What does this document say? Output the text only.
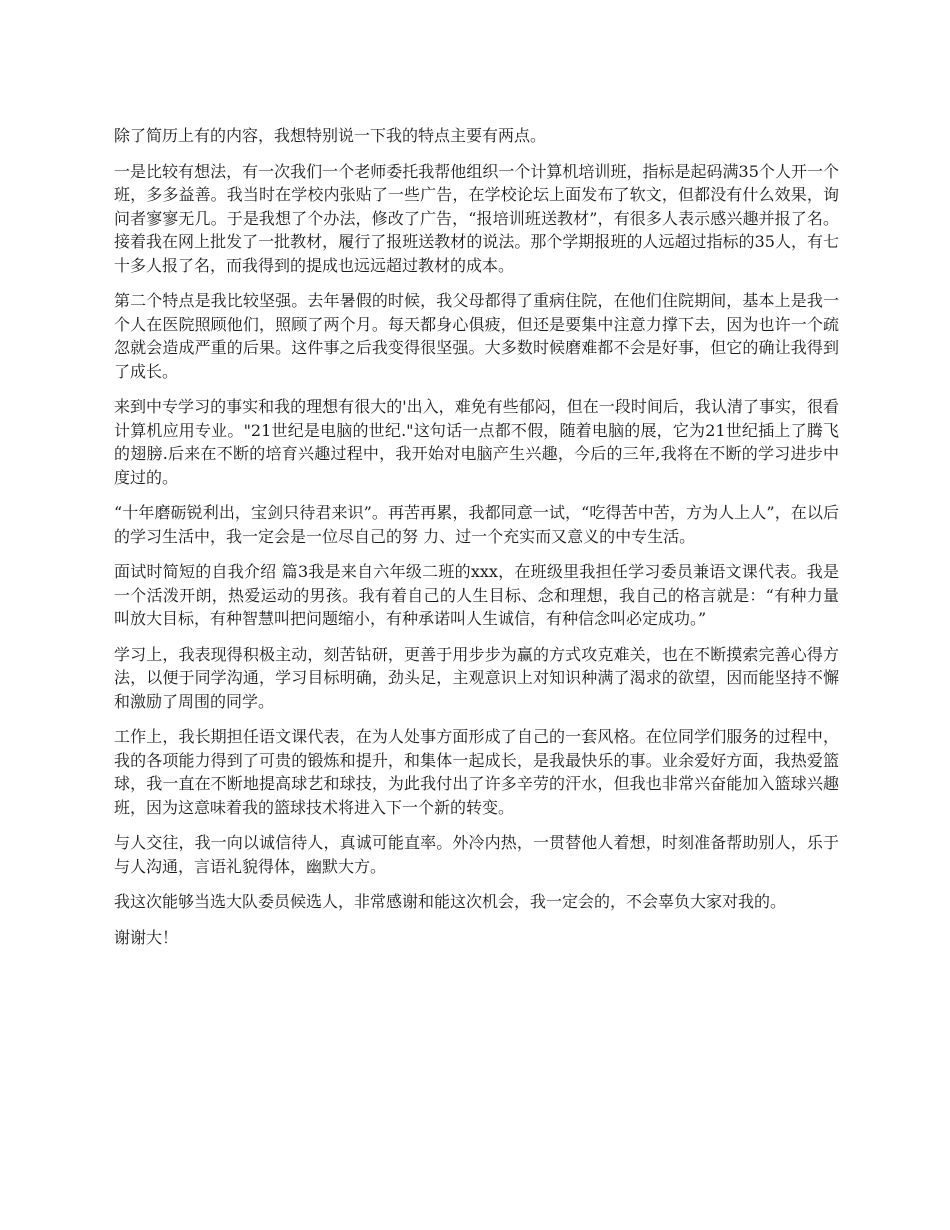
除了简历上有的内容，我想特别说一下我的特点主要有两点。

一是比较有想法，有一次我们一个老师委托我帮他组织一个计算机培训班，指标是起码满35个人开一个班，多多益善。我当时在学校内张贴了一些广告，在学校论坛上面发布了软文，但都没有什么效果，询问者寥寥无几。于是我想了个办法，修改了广告，“报培训班送教材”，有很多人表示感兴趣并报了名。接着我在网上批发了一批教材，履行了报班送教材的说法。那个学期报班的人远超过指标的35人，有七十多人报了名，而我得到的提成也远远超过教材的成本。

第二个特点是我比较坚强。去年暑假的时候，我父母都得了重病住院，在他们住院期间，基本上是我一个人在医院照顾他们，照顾了两个月。每天都身心俱疲，但还是要集中注意力撑下去，因为也许一个疏忽就会造成严重的后果。这件事之后我变得很坚强。大多数时候磨难都不会是好事，但它的确让我得到了成长。

来到中专学习的事实和我的理想有很大的'出入，难免有些郁闷，但在一段时间后，我认清了事实，很看计算机应用专业。"21世纪是电脑的世纪."这句话一点都不假，随着电脑的展，它为21世纪插上了腾飞的翅膀.后来在不断的培育兴趣过程中，我开始对电脑产生兴趣，今后的三年,我将在不断的学习进步中度过的。

“十年磨砺锐利出，宝剑只待君来识”。再苦再累，我都同意一试，“吃得苦中苦，方为人上人”，在以后的学习生活中，我一定会是一位尽自己的努 力、过一个充实而又意义的中专生活。

面试时简短的自我介绍 篇3我是来自六年级二班的xxx，在班级里我担任学习委员兼语文课代表。我是一个活泼开朗，热爱运动的男孩。我有着自己的人生目标、念和理想，我自己的格言就是：“有种力量叫放大目标，有种智慧叫把问题缩小，有种承诺叫人生诚信，有种信念叫必定成功。”

学习上，我表现得积极主动，刻苦钻研，更善于用步步为赢的方式攻克难关，也在不断摸索完善心得方法，以便于同学沟通，学习目标明确，劲头足，主观意识上对知识种满了渴求的欲望，因而能坚持不懈和激励了周围的同学。

工作上，我长期担任语文课代表，在为人处事方面形成了自己的一套风格。在位同学们服务的过程中，我的各项能力得到了可贵的锻炼和提升，和集体一起成长，是我最快乐的事。业余爱好方面，我热爱篮球，我一直在不断地提高球艺和球技，为此我付出了许多辛劳的汗水，但我也非常兴奋能加入篮球兴趣班，因为这意味着我的篮球技术将进入下一个新的转变。

与人交往，我一向以诚信待人，真诚可能直率。外冷内热，一贯替他人着想，时刻准备帮助别人，乐于与人沟通，言语礼貌得体，幽默大方。

我这次能够当选大队委员候选人，非常感谢和能这次机会，我一定会的，不会辜负大家对我的。

谢谢大！
